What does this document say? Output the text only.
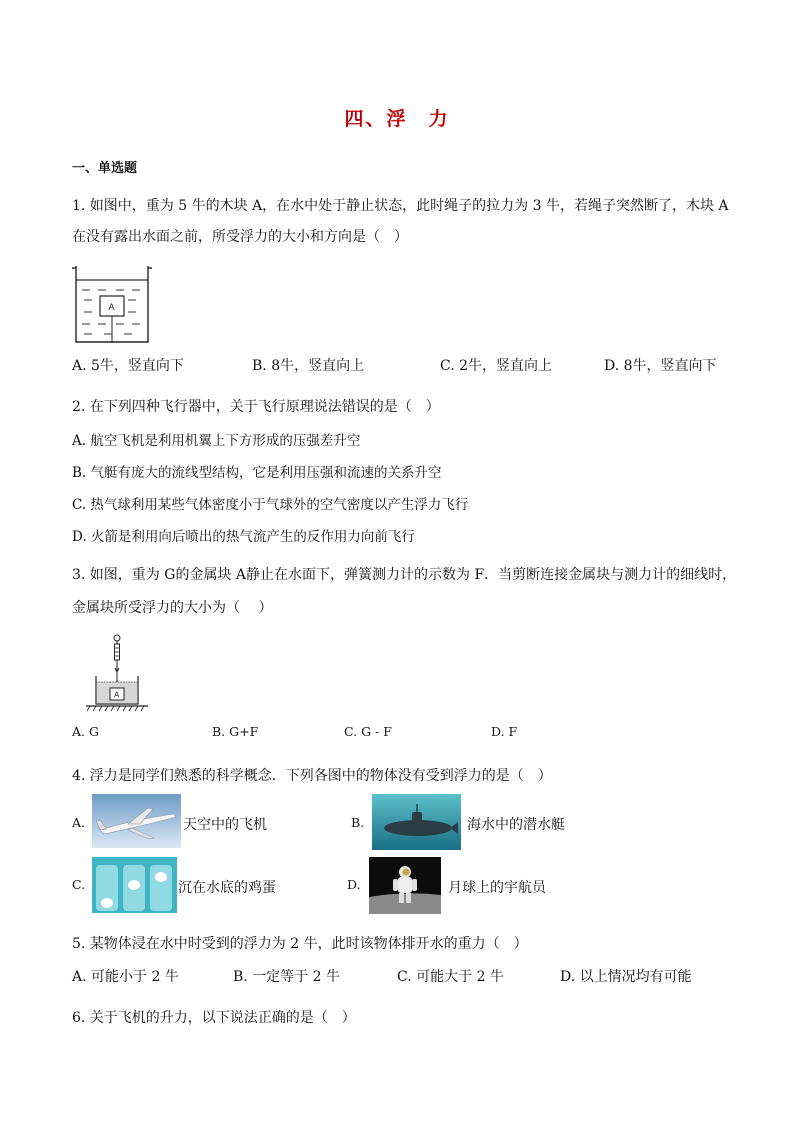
四、浮　力
一、单选题
1. 如图中，重为 5 牛的木块 A，在水中处于静止状态，此时绳子的拉力为 3 牛，若绳子突然断了，木块 A
在没有露出水面之前，所受浮力的大小和方向是（　）
A
A. 5牛，竖直向下	B. 8牛，竖直向上	C. 2牛，竖直向上	D. 8牛，竖直向下
2. 在下列四种飞行器中，关于飞行原理说法错误的是（　）
A. 航空飞机是利用机翼上下方形成的压强差升空
B. 气艇有庞大的流线型结构，它是利用压强和流速的关系升空
C. 热气球利用某些气体密度小于气球外的空气密度以产生浮力飞行
D. 火箭是利用向后喷出的热气流产生的反作用力向前飞行
3. 如图，重为 G的金属块 A静止在水面下，弹簧测力计的示数为 F．当剪断连接金属块与测力计的细线时，
金属块所受浮力的大小为（　 ）
A
A. G	B. G+F	C. G - F	D. F
4. 浮力是同学们熟悉的科学概念．下列各图中的物体没有受到浮力的是（　）
A.	天空中的飞机	B.	海水中的潜水艇
C.	沉在水底的鸡蛋	D.	月球上的宇航员
5. 某物体浸在水中时受到的浮力为 2 牛，此时该物体排开水的重力（　）
A. 可能小于 2 牛	B. 一定等于 2 牛	C. 可能大于 2 牛	D. 以上情况均有可能
6. 关于飞机的升力，以下说法正确的是（　）
